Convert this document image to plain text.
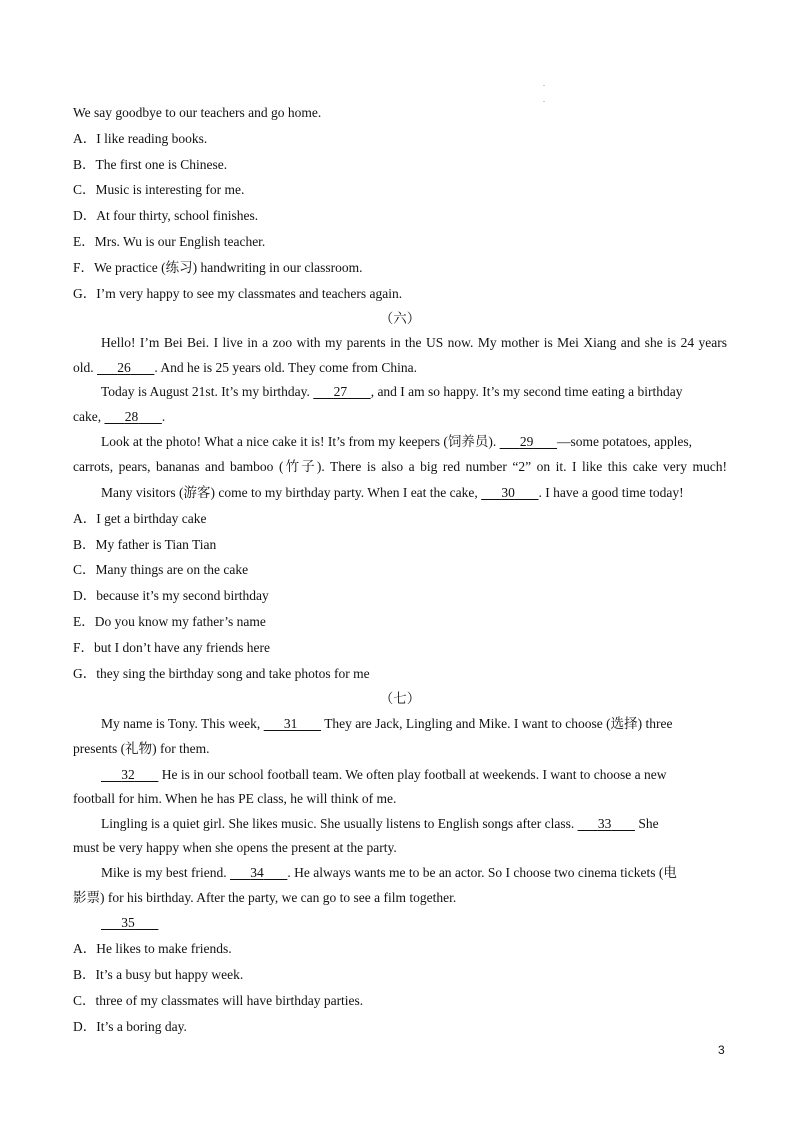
.
.
We say goodbye to our teachers and go home.
A．I like reading books.
B．The first one is Chinese.
C．Music is interesting for me.
D．At four thirty, school finishes.
E．Mrs. Wu is our English teacher.
F．We practice (练习) handwriting in our classroom.
G．I’m very happy to see my classmates and teachers again.
（六）
Hello! I’m Bei Bei. I live in a zoo with my parents in the US now. My mother is Mei Xiang and she is 24 years
old. 26 . And he is 25 years old. They come from China.
Today is August 21st. It’s my birthday. 27 , and I am so happy. It’s my second time eating a birthday
cake, 28 .
Look at the photo! What a nice cake it is! It’s from my keepers (饲养员). 29 —some potatoes, apples,
carrots, pears, bananas and bamboo (竹子). There is also a big red number “2” on it. I like this cake very much!
Many visitors (游客) come to my birthday party. When I eat the cake, 30 . I have a good time today!
A．I get a birthday cake
B．My father is Tian Tian
C．Many things are on the cake
D．because it’s my second birthday
E．Do you know my father’s name
F．but I don’t have any friends here
G．they sing the birthday song and take photos for me
（七）
My name is Tony. This week, 31 They are Jack, Lingling and Mike. I want to choose (选择) three
presents (礼物) for them.
32 He is in our school football team. We often play football at weekends. I want to choose a new
football for him. When he has PE class, he will think of me.
Lingling is a quiet girl. She likes music. She usually listens to English songs after class. 33 She
must be very happy when she opens the present at the party.
Mike is my best friend. 34 . He always wants me to be an actor. So I choose two cinema tickets (电
影票) for his birthday. After the party, we can go to see a film together.
35
A．He likes to make friends.
B．It’s a busy but happy week.
C．three of my classmates will have birthday parties.
D．It’s a boring day.
3
